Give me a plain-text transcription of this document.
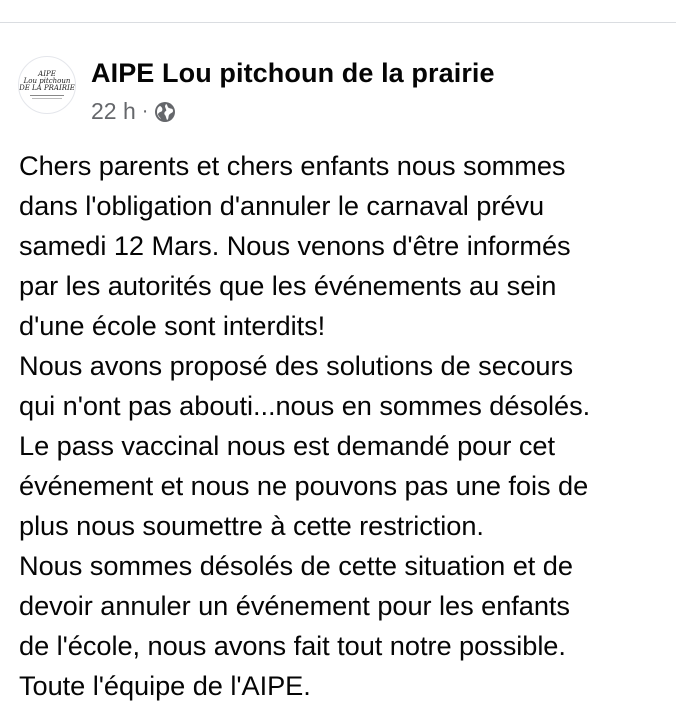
AIPE
Lou pitchoun
DE LA PRAIRIE AIPE Lou pitchoun de la prairie
22 h ·
Chers parents et chers enfants nous sommes
dans l'obligation d'annuler le carnaval prévu
samedi 12 Mars. Nous venons d'être informés
par les autorités que les événements au sein
d'une école sont interdits!
Nous avons proposé des solutions de secours
qui n'ont pas abouti...nous en sommes désolés.
Le pass vaccinal nous est demandé pour cet
événement et nous ne pouvons pas une fois de
plus nous soumettre à cette restriction.
Nous sommes désolés de cette situation et de
devoir annuler un événement pour les enfants
de l'école, nous avons fait tout notre possible.
Toute l'équipe de l'AIPE.
